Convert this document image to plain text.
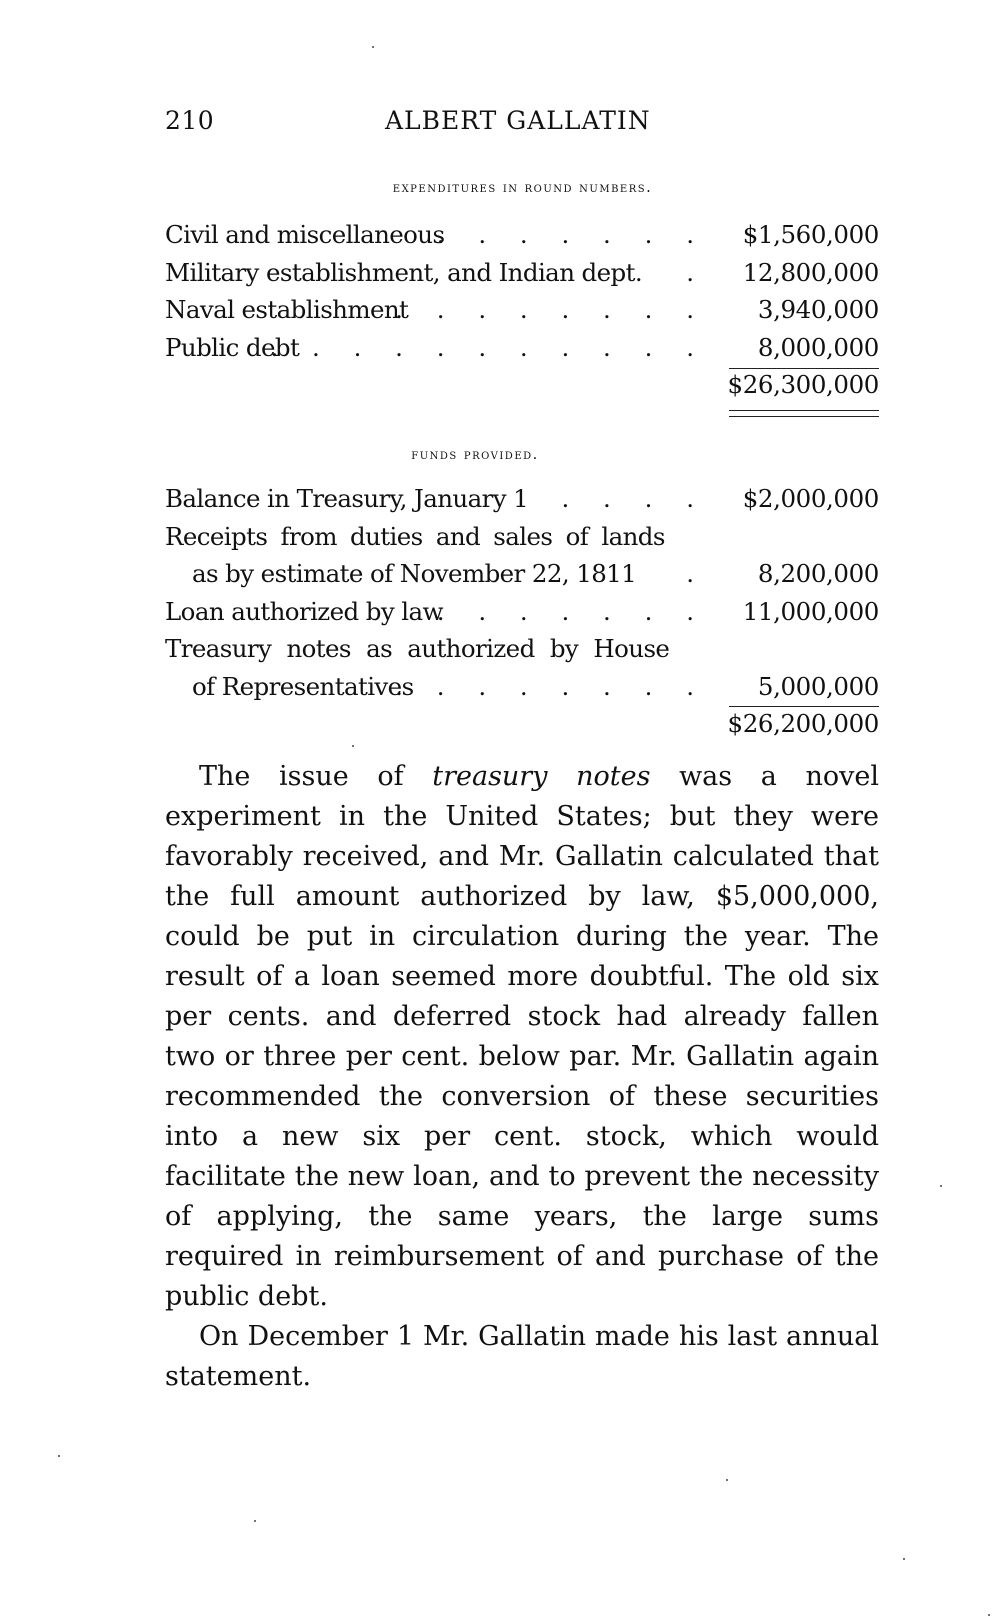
210	ALBERT GALLATIN
expenditures in round numbers.
Civil and miscellaneous
. . . . . . . $1,560,000
Military establishment, and Indian dept. . 12,800,000
Naval establishment
. . . . . . . . 3,940,000
Public debt
. . . . . . . . . . . 8,000,000
$26,300,000
funds provided.
Balance in Treasury, January 1 . . . . $2,000,000
Receipts from duties and sales of lands
as by estimate of November 22, 1811 . 8,200,000
Loan authorized by law
. . . . . . . 11,000,000
Treasury notes as authorized by House
of Representatives
. . . . . . . . 5,000,000
$26,200,000

The issue of treasury notes was a novel experiment in the United States; but they were favorably received, and Mr. Gallatin calculated that the full amount authorized by law, $5,000,000, could be put in circulation during the year. The result of a loan seemed more doubtful. The old six per cents. and deferred stock had already fallen two or three per cent. below par. Mr. Gallatin again recommended the conversion of these securities into a new six per cent. stock, which would facilitate the new loan, and to prevent the necessity of applying, the same years, the large sums required in reimbursement of and purchase of the public debt.

On December 1 Mr. Gallatin made his last annual statement.
